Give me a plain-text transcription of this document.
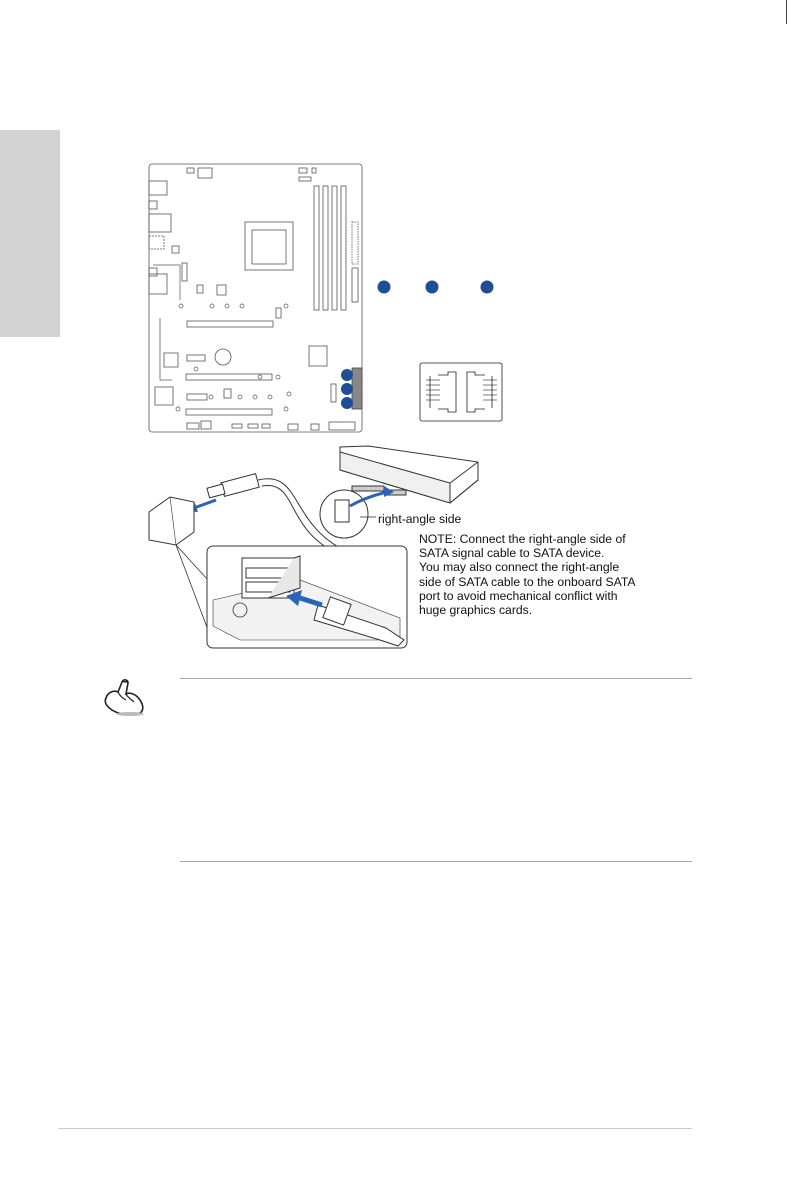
right-angle side
NOTE: Connect the right-angle side of
SATA signal cable to SATA device.
You may also connect the right-angle
side of SATA cable to the onboard SATA
port to avoid mechanical conflict with
huge graphics cards.
